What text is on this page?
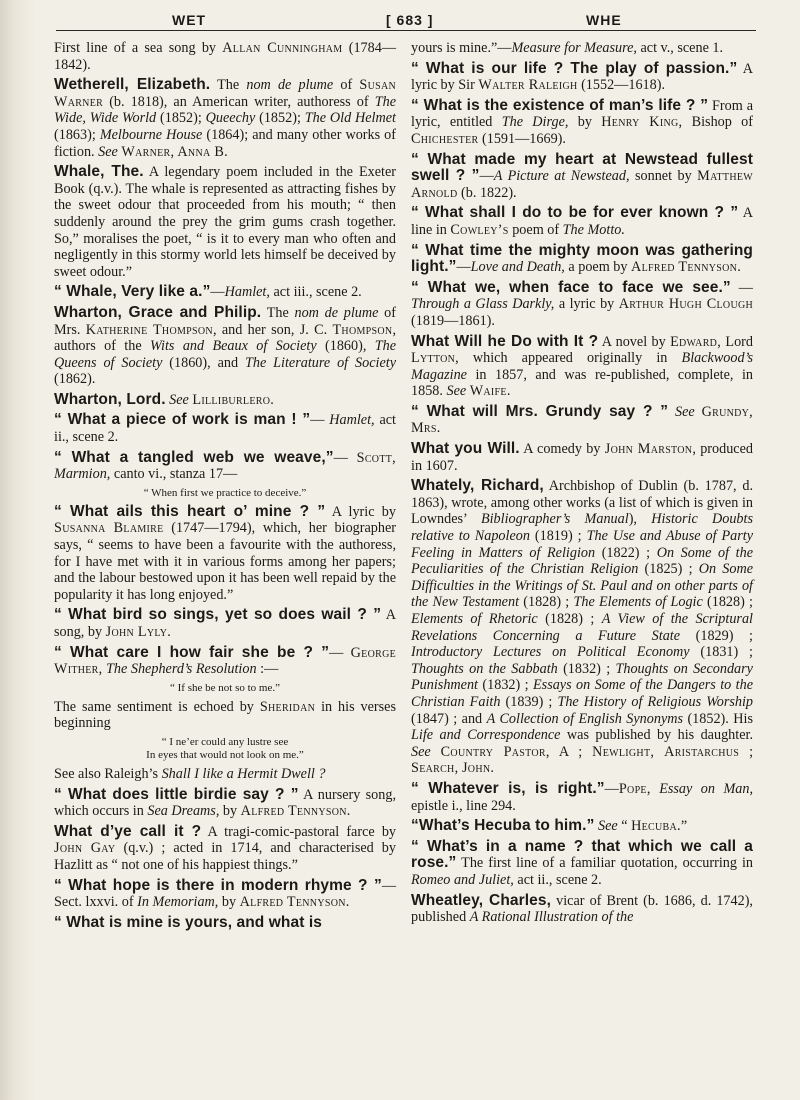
WET	[ 683 ]	WHE

First line of a sea song by Allan Cunningham (1784—1842).

Wetherell, Elizabeth. The nom de plume of Susan Warner (b. 1818), an American writer, authoress of The Wide, Wide World (1852); Queechy (1852); The Old Helmet (1863); Melbourne House (1864); and many other works of fiction. See Warner, Anna B.

Whale, The. A legendary poem included in the Exeter Book (q.v.). The whale is represented as attracting fishes by the sweet odour that proceeded from his mouth; “ then suddenly around the prey the grim gums crash together. So,” moralises the poet, “ is it to every man who often and negligently in this stormy world lets himself be deceived by sweet odour.”

“ Whale, Very like a.”—Hamlet, act iii., scene 2.

Wharton, Grace and Philip. The nom de plume of Mrs. Katherine Thompson, and her son, J. C. Thompson, authors of the Wits and Beaux of Society (1860), The Queens of Society (1860), and The Literature of Society (1862).

Wharton, Lord. See Lilliburlero.

“ What a piece of work is man ! ”— Hamlet, act ii., scene 2.

“ What a tangled web we weave,”— Scott, Marmion, canto vi., stanza 17—

“ When first we practice to deceive.”

“ What ails this heart o’ mine ? ” A lyric by Susanna Blamire (1747—1794), which, her biographer says, “ seems to have been a favourite with the authoress, for I have met with it in various forms among her papers; and the labour bestowed upon it has been well repaid by the popularity it has long enjoyed.”

“ What bird so sings, yet so does wail ? ” A song, by John Lyly.

“ What care I how fair she be ? ”— George Wither, The Shepherd’s Resolution :—

“ If she be not so to me.”

The same sentiment is echoed by Sheridan in his verses beginning

“ I ne’er could any lustre see
In eyes that would not look on me.”

See also Raleigh’s Shall I like a Hermit Dwell ?

“ What does little birdie say ? ” A nursery song, which occurs in Sea Dreams, by Alfred Tennyson.

What d’ye call it ? A tragi-comic-pastoral farce by John Gay (q.v.) ; acted in 1714, and characterised by Hazlitt as “ not one of his happiest things.”

“ What hope is there in modern rhyme ? ”—Sect. lxxvi. of In Memoriam, by Alfred Tennyson.

“ What is mine is yours, and what is

yours is mine.”—Measure for Measure, act v., scene 1.

“ What is our life ? The play of passion.” A lyric by Sir Walter Raleigh (1552—1618).

“ What is the existence of man’s life ? ” From a lyric, entitled The Dirge, by Henry King, Bishop of Chichester (1591—1669).

“ What made my heart at Newstead fullest swell ? ”—A Picture at Newstead, sonnet by Matthew Arnold (b. 1822).

“ What shall I do to be for ever known ? ” A line in Cowley’s poem of The Motto.

“ What time the mighty moon was gathering light.”—Love and Death, a poem by Alfred Tennyson.

“ What we, when face to face we see.” —Through a Glass Darkly, a lyric by Arthur Hugh Clough (1819—1861).

What Will he Do with It ? A novel by Edward, Lord Lytton, which appeared originally in Blackwood’s Magazine in 1857, and was re-published, complete, in 1858. See Waife.

“ What will Mrs. Grundy say ? ” See Grundy, Mrs.

What you Will. A comedy by John Marston, produced in 1607.

Whately, Richard, Archbishop of Dublin (b. 1787, d. 1863), wrote, among other works (a list of which is given in Lowndes’ Bibliographer’s Manual), Historic Doubts relative to Napoleon (1819) ; The Use and Abuse of Party Feeling in Matters of Religion (1822) ; On Some of the Peculiarities of the Christian Religion (1825) ; On Some Difficulties in the Writings of St. Paul and on other parts of the New Testament (1828) ; The Elements of Logic (1828) ; Elements of Rhetoric (1828) ; A View of the Scriptural Revelations Concerning a Future State (1829) ; Introductory Lectures on Political Economy (1831) ; Thoughts on the Sabbath (1832) ; Thoughts on Secondary Punishment (1832) ; Essays on Some of the Dangers to the Christian Faith (1839) ; The History of Religious Worship (1847) ; and A Collection of English Synonyms (1852). His Life and Correspondence was published by his daughter. See Country Pastor, A ; Newlight, Aristarchus ; Search, John.

“ Whatever is, is right.”—Pope, Essay on Man, epistle i., line 294.

“What’s Hecuba to him.” See “ Hecuba.”

“ What’s in a name ? that which we call a rose.” The first line of a familiar quotation, occurring in Romeo and Juliet, act ii., scene 2.

Wheatley, Charles, vicar of Brent (b. 1686, d. 1742), published A Rational Illustration of the
